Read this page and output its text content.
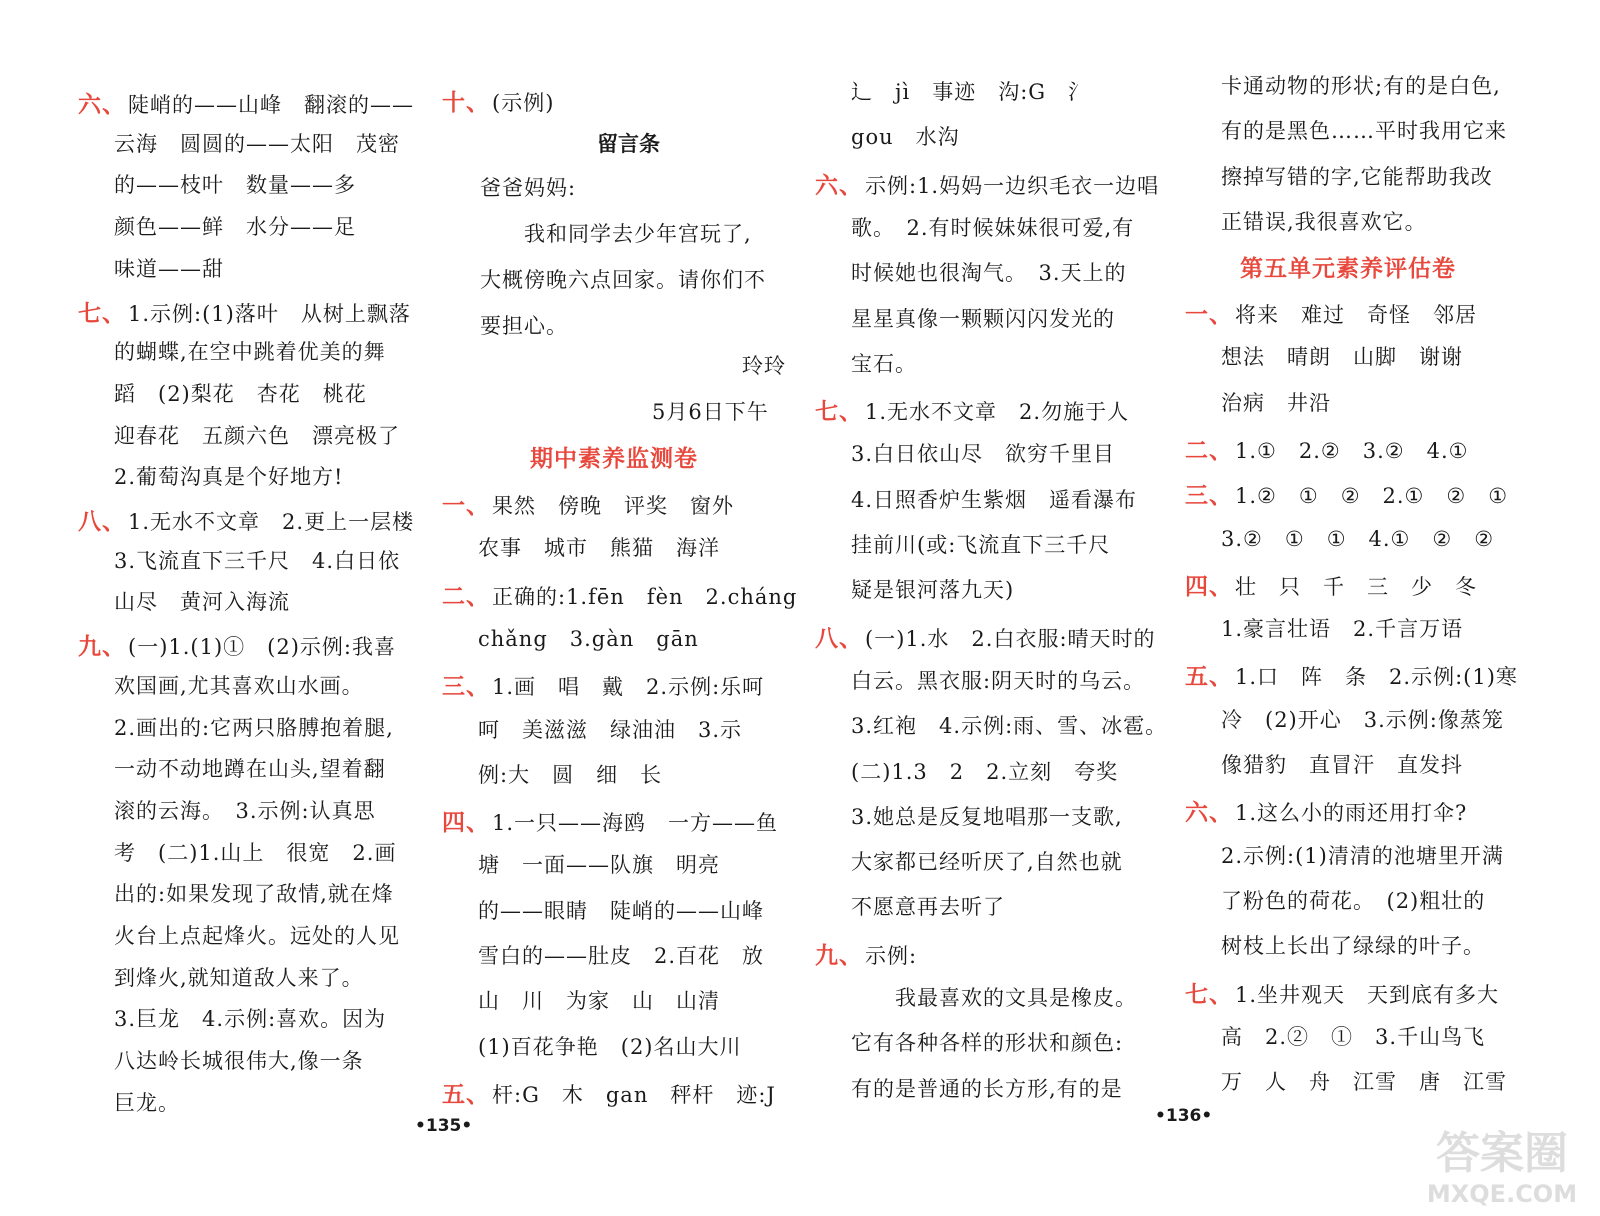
六、陡峭的——山峰　翻滚的——
云海　圆圆的——太阳　茂密
的——枝叶　数量——多
颜色——鲜　水分——足
味道——甜
七、1.示例:(1)落叶　从树上飘落
的蝴蝶,在空中跳着优美的舞
蹈　(2)梨花　杏花　桃花
迎春花　五颜六色　漂亮极了
2.葡萄沟真是个好地方!
八、1.无水不文章　2.更上一层楼
3.飞流直下三千尺　4.白日依
山尽　黄河入海流
九、(一)1.(1)①　(2)示例:我喜
欢国画,尤其喜欢山水画。
2.画出的:它两只胳膊抱着腿,
一动不动地蹲在山头,望着翻
滚的云海。　3.示例:认真思
考　(二)1.山上　很宽　2.画
出的:如果发现了敌情,就在烽
火台上点起烽火。远处的人见
到烽火,就知道敌人来了。
3.巨龙　4.示例:喜欢。因为
八达岭长城很伟大,像一条
巨龙。
十、(示例)
留言条
爸爸妈妈:
　　我和同学去少年宫玩了,
大概傍晚六点回家。请你们不
要担心。
玲玲
5月6日下午
期中素养监测卷
一、果然　傍晚　评奖　窗外
农事　城市　熊猫　海洋
二、正确的:1.fēn　fèn　2.cháng
chǎng　3.gàn　gān
三、1.画　唱　戴　2.示例:乐呵
呵　美滋滋　绿油油　3.示
例:大　圆　细　长
四、1.一只——海鸥　一方——鱼
塘　一面——队旗　明亮
的——眼睛　陡峭的——山峰
雪白的——肚皮　2.百花　放
山　川　为家　山　山清
(1)百花争艳　(2)名山大川
五、杆:G　木　gan　秤杆　迹:J
辶　jì　事迹　沟:G　氵
gou　水沟
六、示例:1.妈妈一边织毛衣一边唱
歌。　2.有时候妹妹很可爱,有
时候她也很淘气。　3.天上的
星星真像一颗颗闪闪发光的
宝石。
七、1.无水不文章　2.勿施于人
3.白日依山尽　欲穷千里目
4.日照香炉生紫烟　遥看瀑布
挂前川(或:飞流直下三千尺
疑是银河落九天)
八、(一)1.水　2.白衣服:晴天时的
白云。黑衣服:阴天时的乌云。
3.红袍　4.示例:雨、雪、冰雹。
(二)1.3　2　2.立刻　夸奖
3.她总是反复地唱那一支歌,
大家都已经听厌了,自然也就
不愿意再去听了
九、示例:
　　我最喜欢的文具是橡皮。
它有各种各样的形状和颜色:
有的是普通的长方形,有的是
卡通动物的形状;有的是白色,
有的是黑色……平时我用它来
擦掉写错的字,它能帮助我改
正错误,我很喜欢它。
第五单元素养评估卷
一、将来　难过　奇怪　邻居
想法　晴朗　山脚　谢谢
治病　井沿
二、1.①　2.②　3.②　4.①
三、1.②　①　②　2.①　②　①
3.②　①　①　4.①　②　②
四、壮　只　千　三　少　冬
1.豪言壮语　2.千言万语
五、1.口　阵　条　2.示例:(1)寒
冷　(2)开心　3.示例:像蒸笼
像猎豹　直冒汗　直发抖
六、1.这么小的雨还用打伞?
2.示例:(1)清清的池塘里开满
了粉色的荷花。　(2)粗壮的
树枝上长出了绿绿的叶子。
七、1.坐井观天　天到底有多大
高　2.②　①　3.千山鸟飞
万　人　舟　江雪　唐　江雪
•135•	•136•
答案圈
MXQE.COM
